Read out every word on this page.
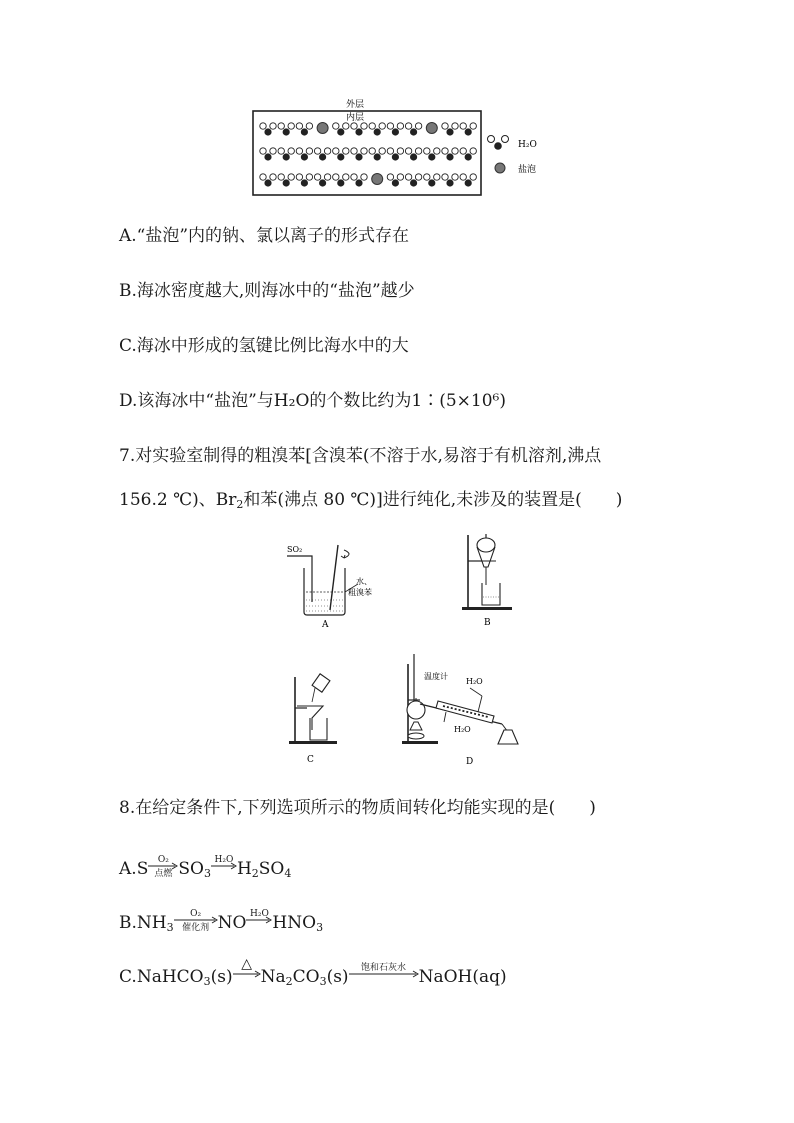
外层
内层
H₂O
盐泡
A.“盐泡”内的钠、氯以离子的形式存在
B.海冰密度越大,则海冰中的“盐泡”越少
C.海冰中形成的氢键比例比海水中的大
D.该海冰中“盐泡”与H₂O的个数比约为1∶(5×10⁶)
7.对实验室制得的粗溴苯[含溴苯(不溶于水,易溶于有机溶剂,沸点
156.2 ℃)、$Br_2$和苯(沸点 80 ℃)]进行纯化,未涉及的装置是(　　)
SO₂
水、
粗溴苯
A	B
C
温度计
H₂O
H₂O
D
8.在给定条件下,下列选项所示的物质间转化均能实现的是(　　)
A.S	O₂
点燃 $SO_3$
H₂O $H_2SO_4$
$B.NH_3$
O₂
催化剂 NO H₂O $HNO_3$
C.NaHCO$_3$(s)
△
$Na_2CO_3(s)$	饱和石灰水 NaOH(aq)
